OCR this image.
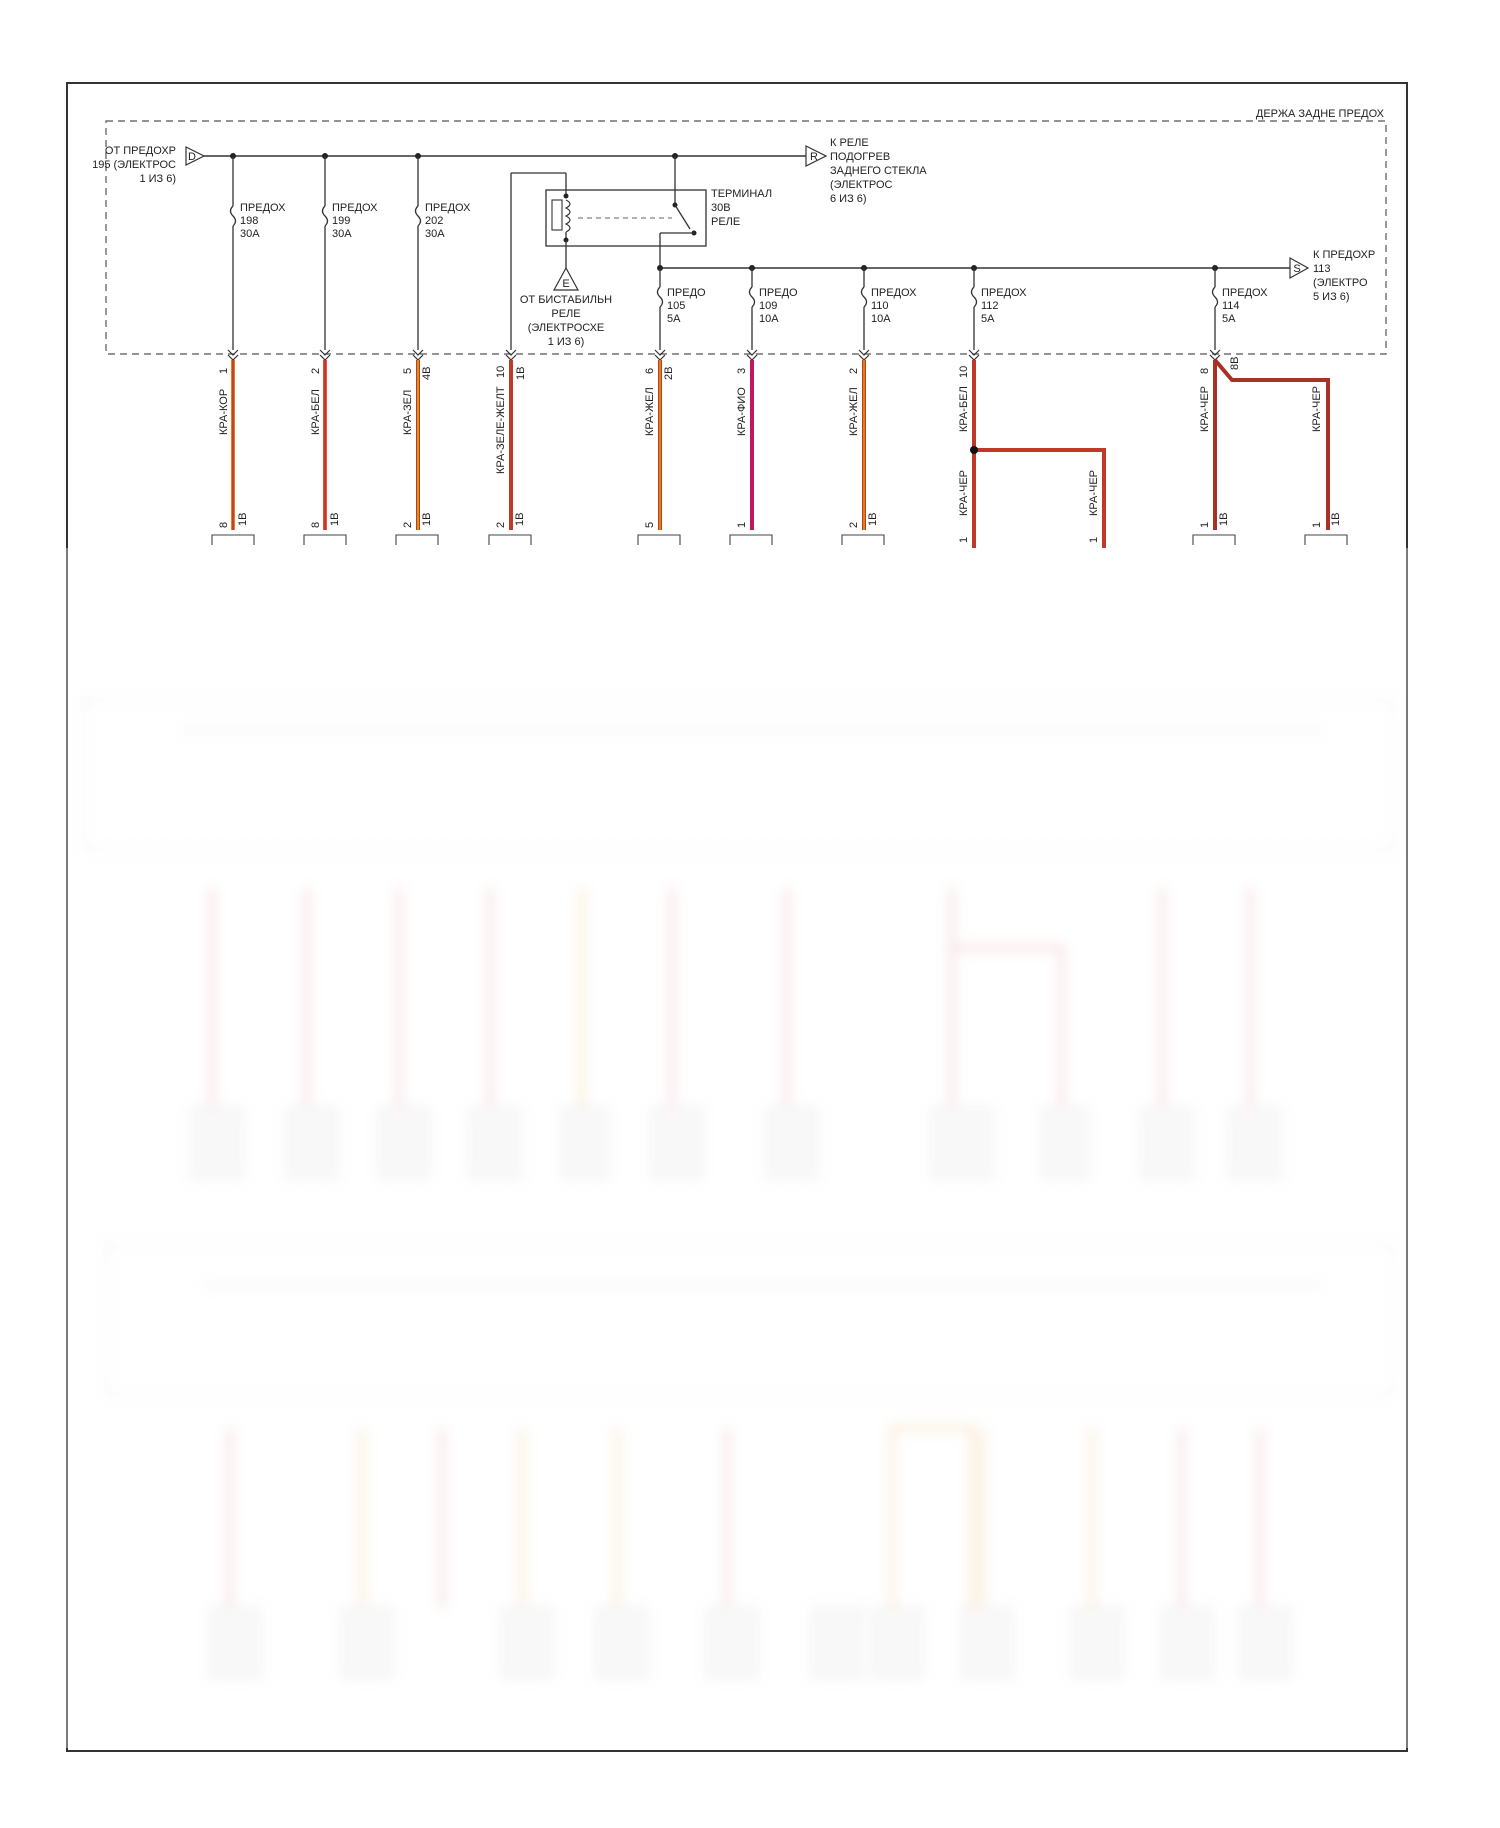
ДЕРЖА ЗАДНЕ ПРЕДОХ
D
ОТ ПРЕДОХР
195 (ЭЛЕКТРОС
1 ИЗ 6)
R
К РЕЛЕ
ПОДОГРЕВ
ЗАДНЕГО СТЕКЛА
(ЭЛЕКТРОС
6 ИЗ 6)
ПРЕДОХ
198
30A
ПРЕДОХ
199
30A
ПРЕДОХ
202
30A
ТЕРМИНАЛ
30В
РЕЛЕ
E
ОТ БИСТАБИЛЬН
РЕЛЕ
(ЭЛЕКТРОСХЕ
1 ИЗ 6)
S
К ПРЕДОХР
113
(ЭЛЕКТРО
5 ИЗ 6)
ПРЕДО
105
5A
ПРЕДО
109
10A
ПРЕДОХ
110
10A
ПРЕДОХ
112
5A
ПРЕДОХ
114
5A
1	2	5 4В	10 1В	6 2В	3	2	10	8
8В
КРА-КОР	КРА-БЕЛ	КРА-ЗЕЛ	КРА-ЗЕЛЕ-ЖЕЛТ	КРА-ЖЕЛ	КРА-ФИО	КРА-ЖЕЛ	КРА-БЕЛ
КРА-ЧЕР	КРА-ЧЕР
КРА-ЧЕР	КРА-ЧЕР
8 1В	8 1В	2 1В	2 1В	5	1	2 1В
1	1
1 1В	1 1В
